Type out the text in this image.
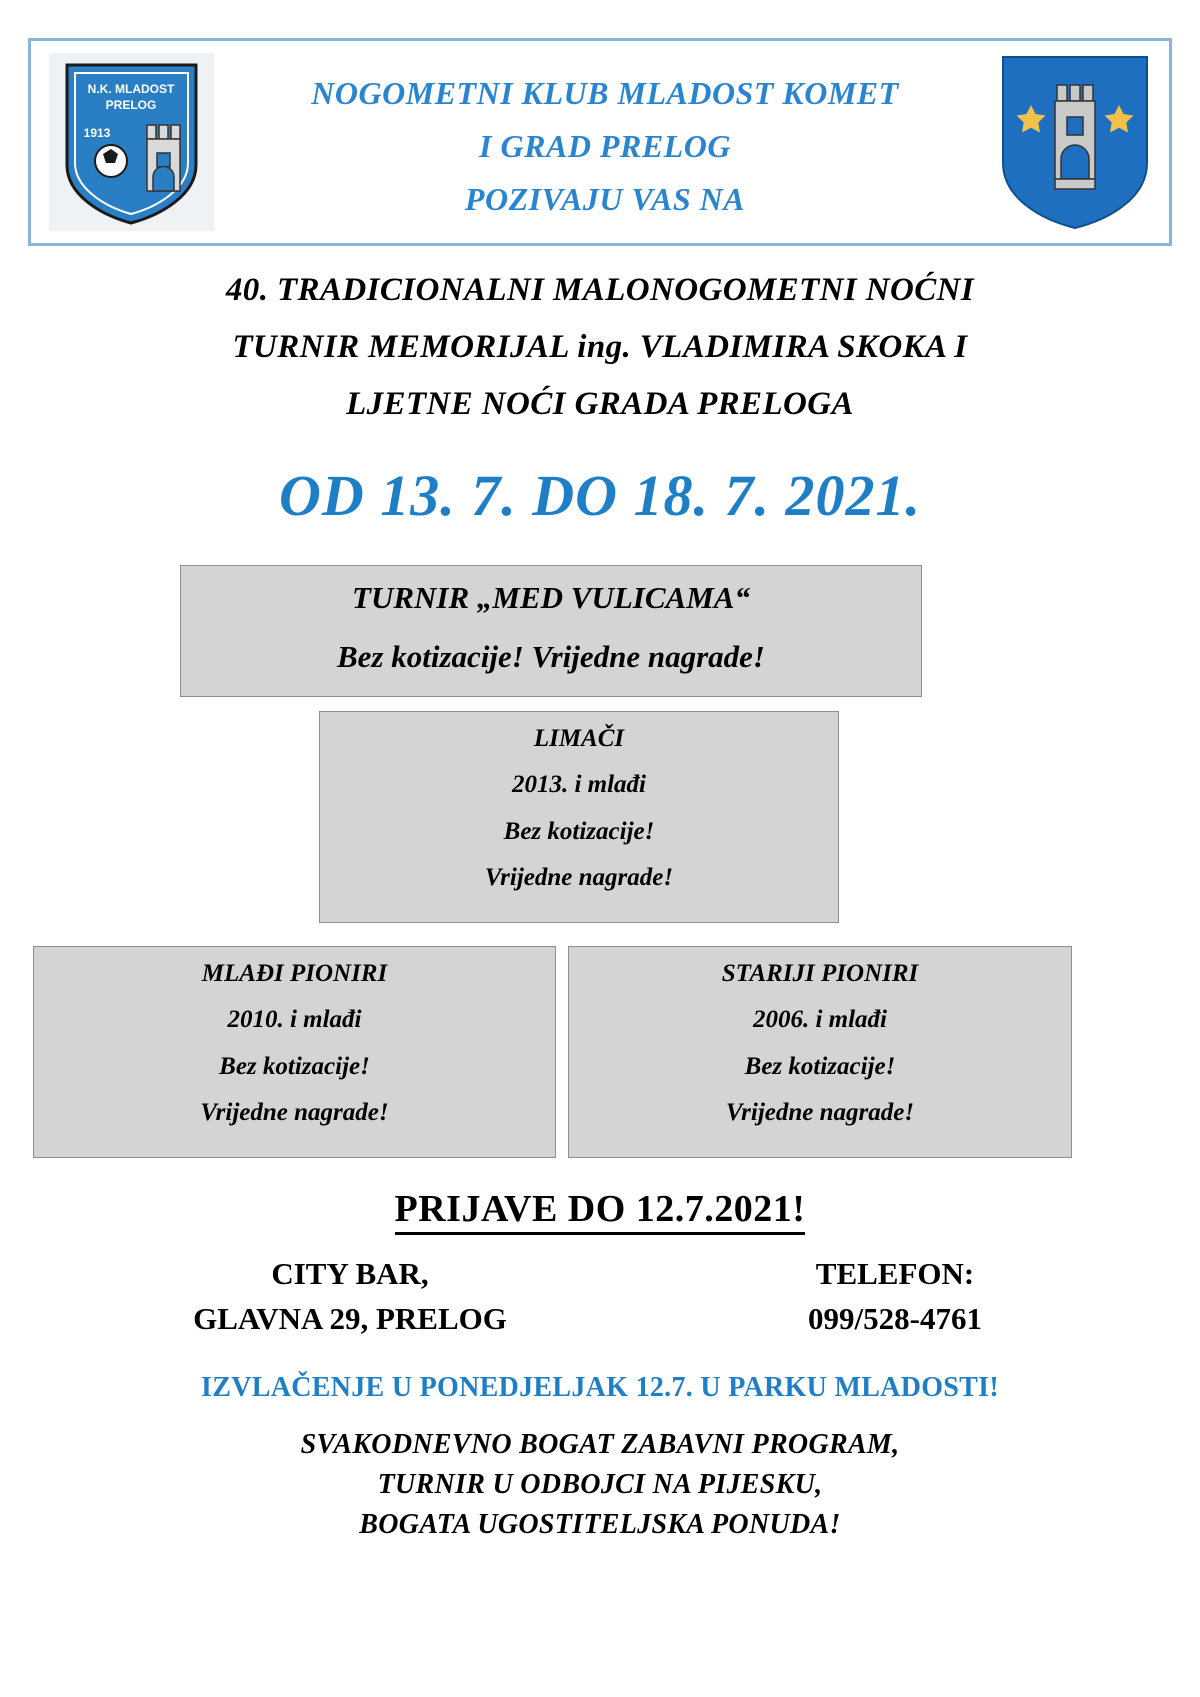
N.K. MLADOST
PRELOG
1913
NOGOMETNI KLUB MLADOST KOMET
I GRAD PRELOG
POZIVAJU VAS NA
40. TRADICIONALNI MALONOGOMETNI NOĆNI
TURNIR MEMORIJAL ing. VLADIMIRA SKOKA I
LJETNE NOĆI GRADA PRELOGA
OD 13. 7. DO 18. 7. 2021.
TURNIR „MED VULICAMA“
Bez kotizacije! Vrijedne nagrade!
LIMAČI
2013. i mlađi
Bez kotizacije!
Vrijedne nagrade!
MLAĐI PIONIRI
2010. i mlađi
Bez kotizacije!
Vrijedne nagrade!
STARIJI PIONIRI
2006. i mlađi
Bez kotizacije!
Vrijedne nagrade!
PRIJAVE DO 12.7.2021!
CITY BAR,
GLAVNA 29, PRELOG
TELEFON:
099/528-4761
IZVLAČENJE U PONEDJELJAK 12.7. U PARKU MLADOSTI!
SVAKODNEVNO BOGAT ZABAVNI PROGRAM,
TURNIR U ODBOJCI NA PIJESKU,
BOGATA UGOSTITELJSKA PONUDA!
